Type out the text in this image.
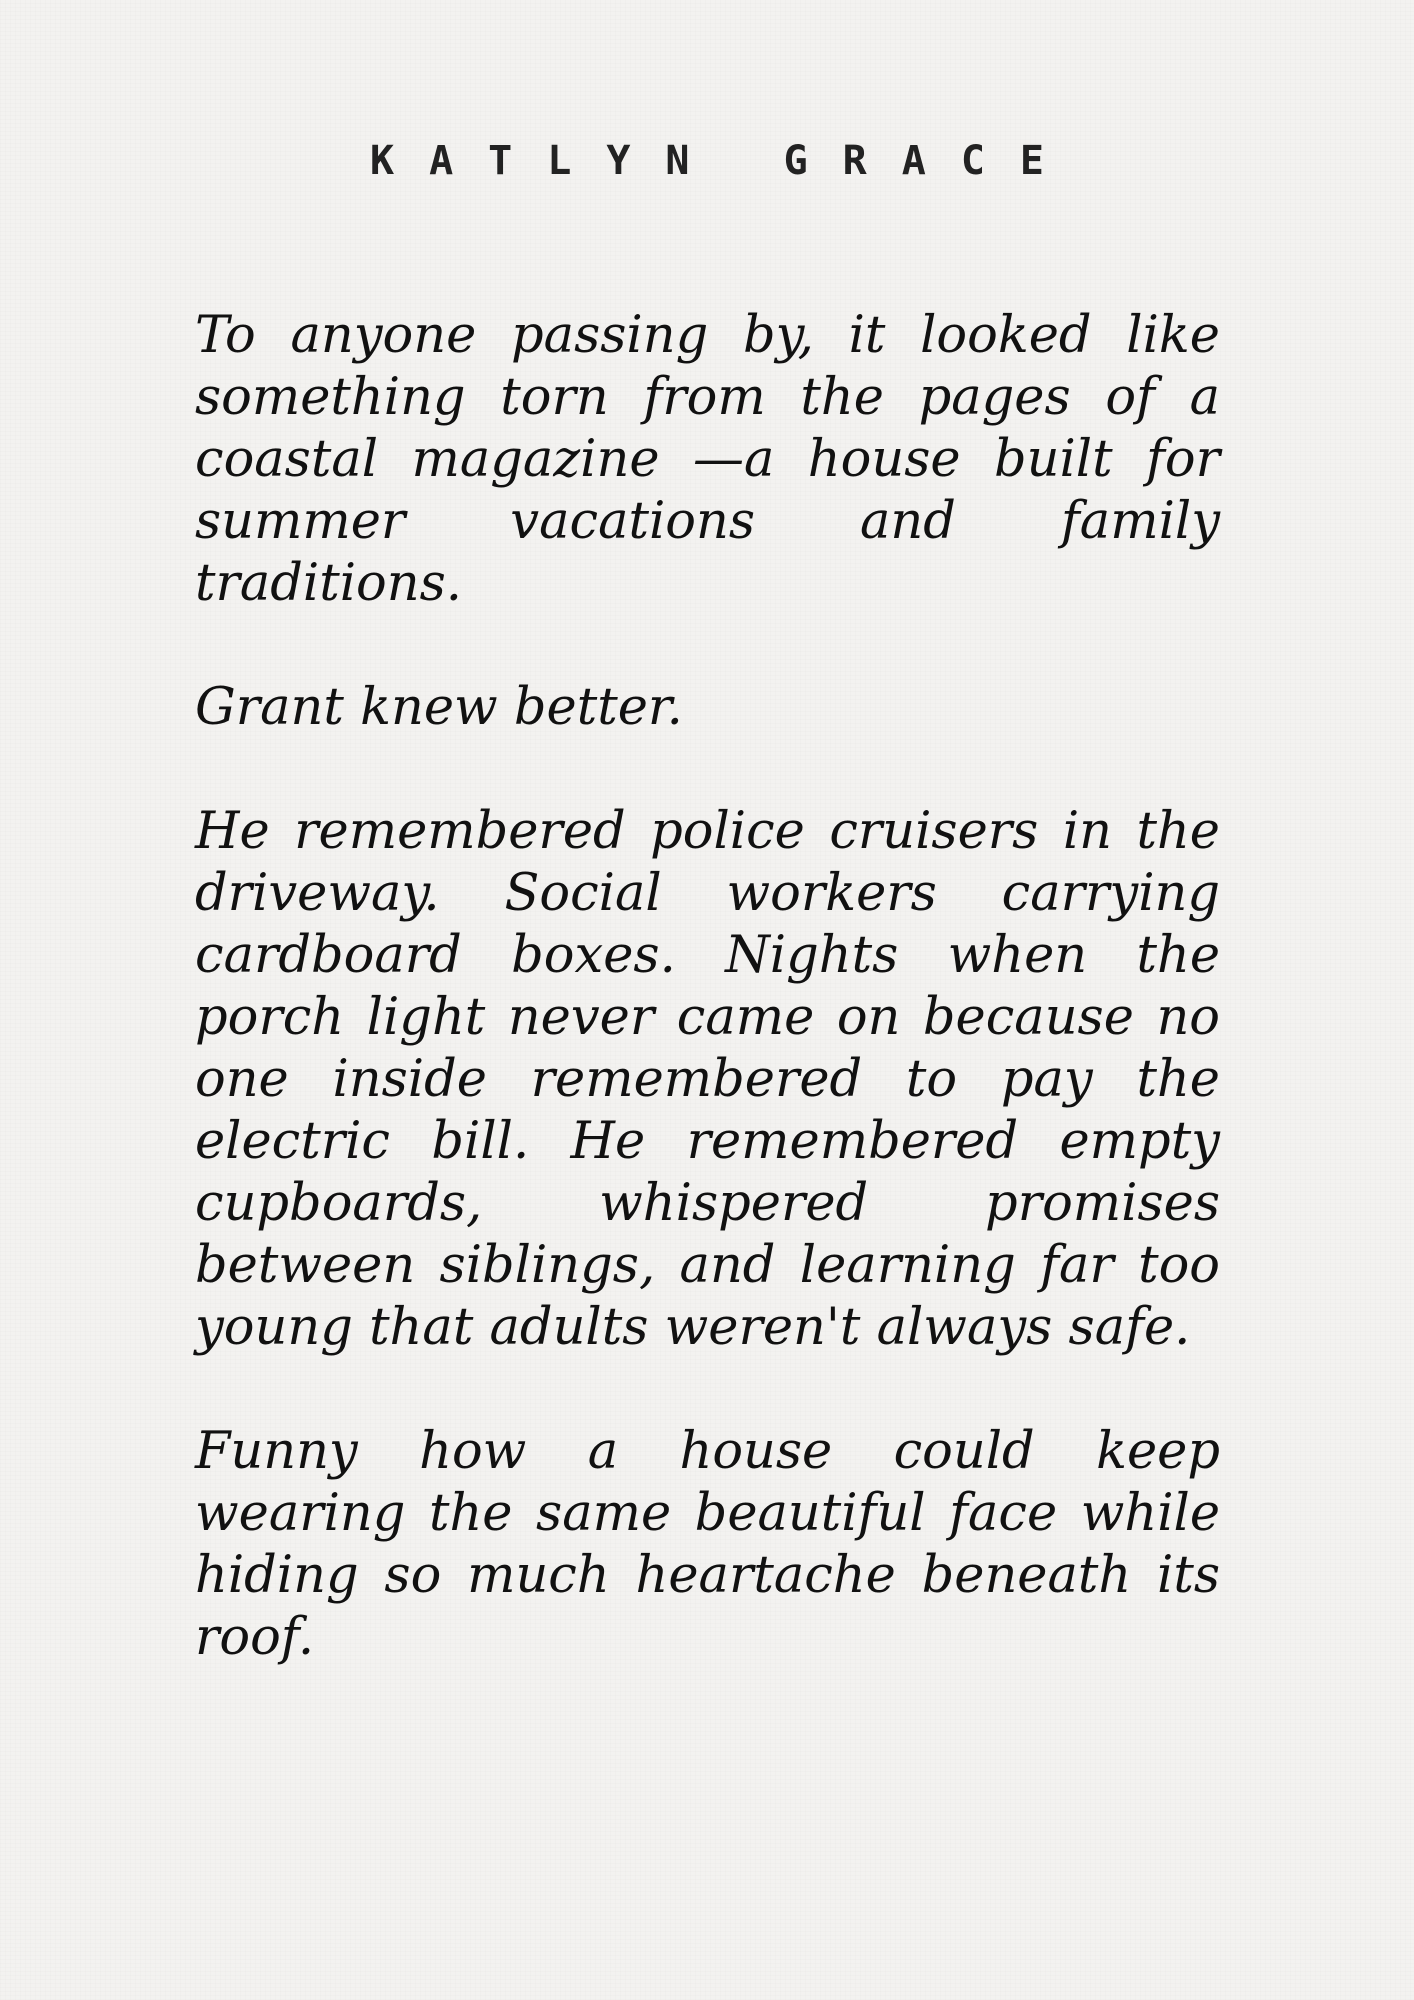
KATLYN GRACE

To anyone passing by, it looked like something torn from the pages of a coastal magazine —a house built for summer vacations and family traditions.

Grant knew better.

He remembered police cruisers in the driveway. Social workers carrying cardboard boxes. Nights when the porch light never came on because no one inside remembered to pay the electric bill. He remembered empty cupboards, whispered promises between siblings, and learning far too young that adults weren't always safe.

Funny how a house could keep wearing the same beautiful face while hiding so much heartache beneath its roof.
